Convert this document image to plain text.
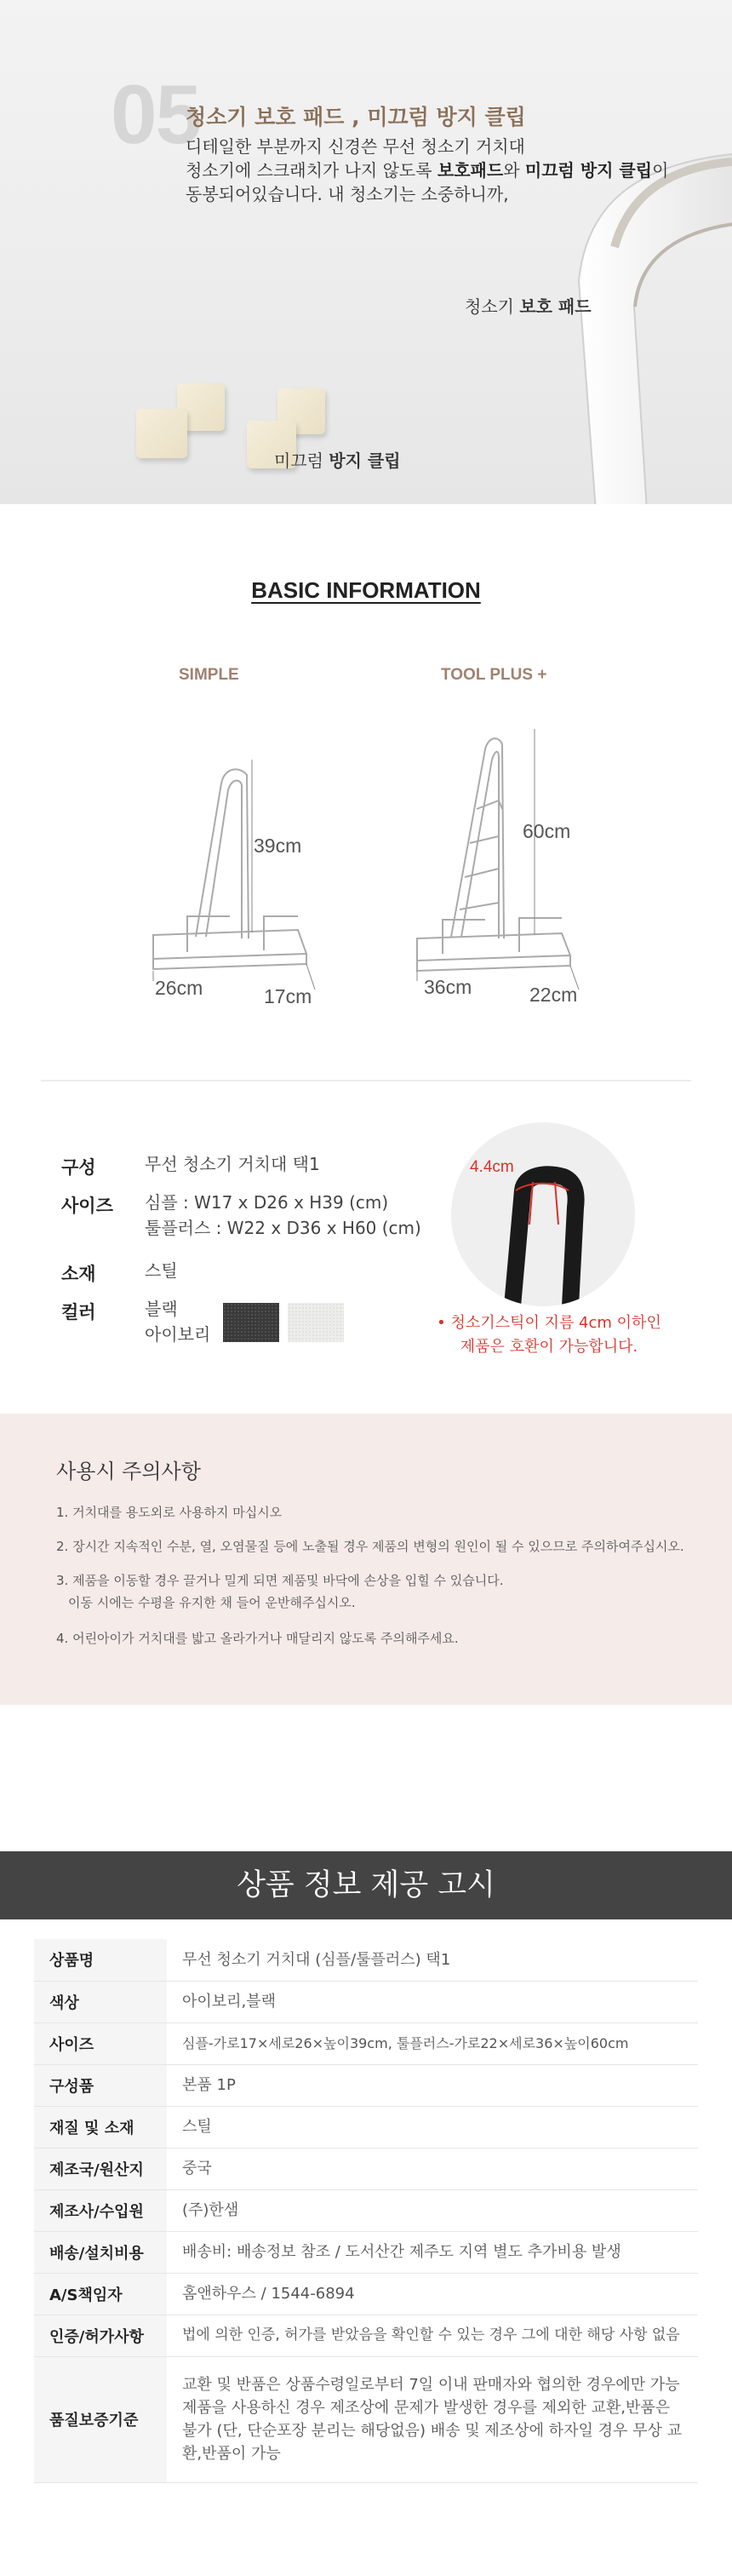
05
청소기 보호 패드 , 미끄럼 방지 클립
디테일한 부분까지 신경쓴 무선 청소기 거치대
청소기에 스크래치가 나지 않도록 보호패드와 미끄럼 방지 클립이
동봉되어있습니다. 내 청소기는 소중하니까,
청소기 보호 패드
미끄럼 방지 클립
BASIC INFORMATION
SIMPLE	TOOL PLUS +
39cm
26cm	17cm
60cm
36cm	22cm
구성	무선 청소기 거치대 택1
사이즈 심플 : W17 x D26 x H39 (cm)
툴플러스 : W22 x D36 x H60 (cm)
소재	스틸
컬러	블랙
아이보리
4.4cm
• 청소기스틱이 지름 4cm 이하인
제품은 호환이 가능합니다.
사용시 주의사항
1. 거치대를 용도외로 사용하지 마십시오
2. 장시간 지속적인 수분, 열, 오염물질 등에 노출될 경우 제품의 변형의 원인이 될 수 있으므로 주의하여주십시오.
3. 제품을 이동할 경우 끌거나 밀게 되면 제품및 바닥에 손상을 입힐 수 있습니다.
이동 시에는 수평을 유지한 채 들어 운반해주십시오.
4. 어린아이가 거치대를 밟고 올라가거나 매달리지 않도록 주의해주세요.
상품 정보 제공 고시
상품명	무선 청소기 거치대 (심플/툴플러스) 택1
색상	아이보리,블랙
사이즈	심플-가로17×세로26×높이39cm, 툴플러스-가로22×세로36×높이60cm
구성품	본품 1P
재질 및 소재	스틸
제조국/원산지	중국
제조사/수입원	(주)한샘
배송/설치비용	배송비: 배송정보 참조 / 도서산간 제주도 지역 별도 추가비용 발생
A/S책임자	홈앤하우스 / 1544-6894
인증/허가사항	법에 의한 인증, 허가를 받았음을 확인할 수 있는 경우 그에 대한 해당 사항 없음
품질보증기준	교환 및 반품은 상품수령일로부터 7일 이내 판매자와 협의한 경우에만 가능 제품을 사용하신 경우 제조상에 문제가 발생한 경우를 제외한 교환,반품은 불가 (단, 단순포장 분리는 해당없음) 배송 및 제조상에 하자일 경우 무상 교환,반품이 가능
